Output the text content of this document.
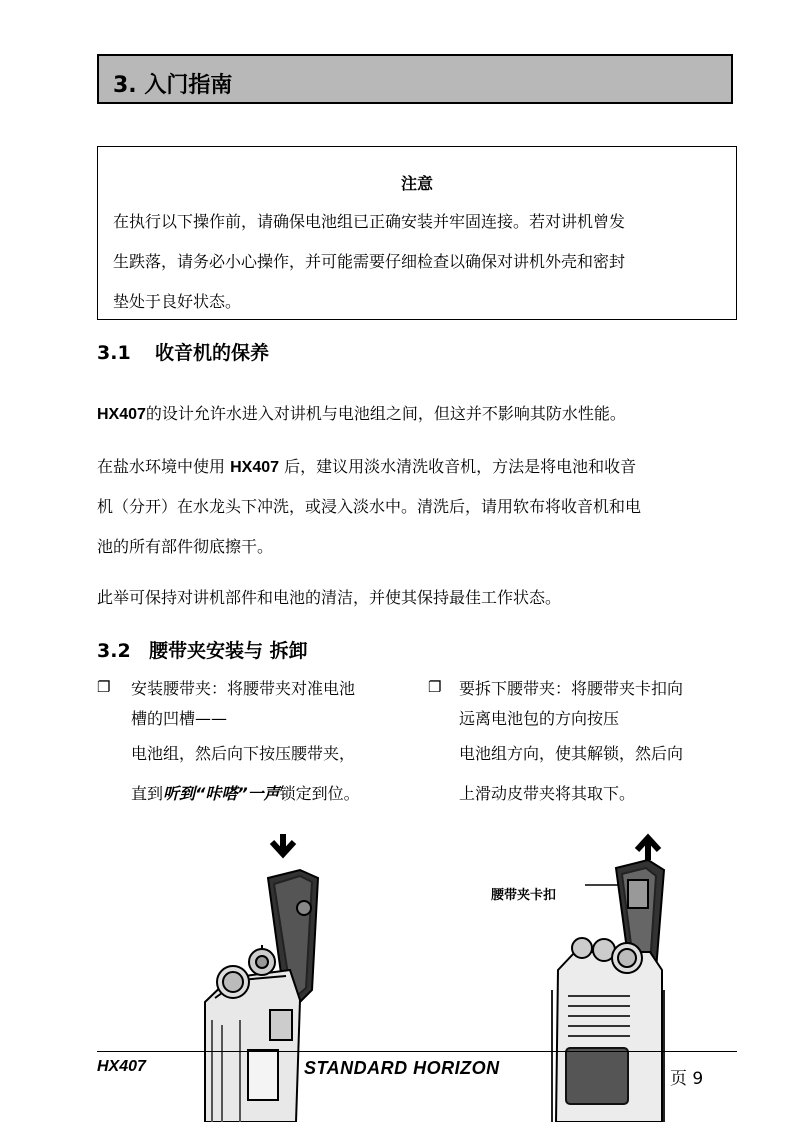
3. 入门指南
注意
在执行以下操作前，请确保电池组已正确安装并牢固连接。若对讲机曾发
生跌落，请务必小心操作，并可能需要仔细检查以确保对讲机外壳和密封
垫处于良好状态。
3.1 收音机的保养
HX407的设计允许水进入对讲机与电池组之间，但这并不影响其防水性能。
在盐水环境中使用 HX407 后，建议用淡水清洗收音机，方法是将电池和收音
机（分开）在水龙头下冲洗，或浸入淡水中。清洗后，请用软布将收音机和电
池的所有部件彻底擦干。
此举可保持对讲机部件和电池的清洁，并使其保持最佳工作状态。
3.2 腰带夹安装与 拆卸
❐ 安装腰带夹：将腰带夹对准电池
槽的凹槽——
电池组，然后向下按压腰带夹，
直到听到“咔嗒”一声锁定到位。
❐ 要拆下腰带夹：将腰带夹卡扣向
远离电池包的方向按压
电池组方向，使其解锁，然后向
上滑动皮带夹将其取下。
腰带夹卡扣
HX407	STANDARD HORIZON
页 9
